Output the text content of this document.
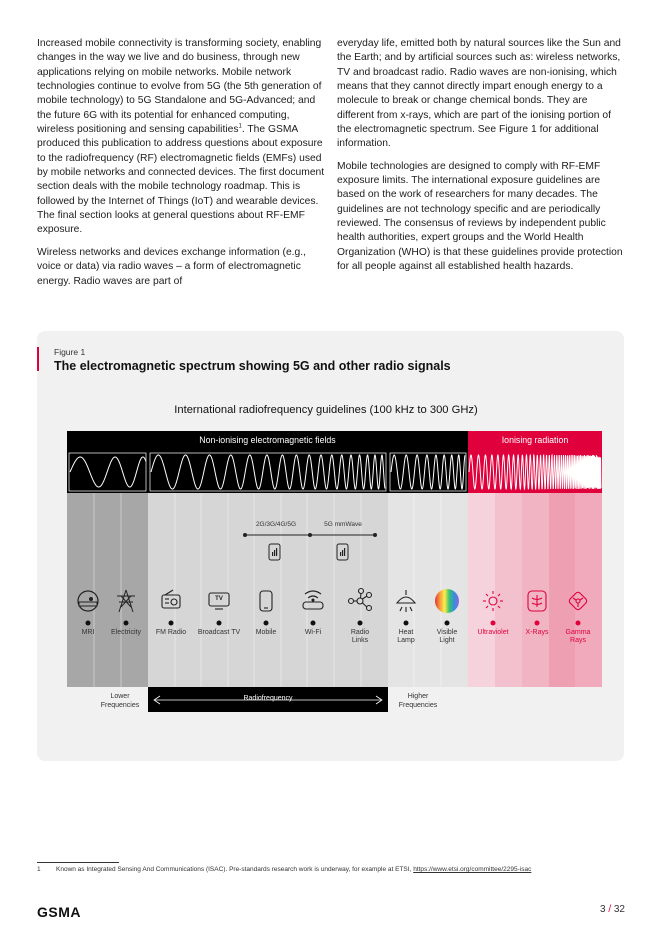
Increased mobile connectivity is transforming society, enabling changes in the way we live and do business, through new applications relying on mobile networks. Mobile network technologies continue to evolve from 5G (the 5th generation of mobile technology) to 5G Standalone and 5G-Advanced; and the future 6G with its potential for enhanced computing, wireless positioning and sensing capabilities$^1$. The GSMA produced this publication to address questions about exposure to the radiofrequency (RF) electromagnetic fields (EMFs) used by mobile networks and connected devices. The first document section deals with the mobile technology roadmap. This is followed by the Internet of Things (IoT) and wearable devices. The final section looks at general questions about RF-EMF exposure.

Wireless networks and devices exchange information (e.g., voice or data) via radio waves – a form of electromagnetic energy. Radio waves are part of

everyday life, emitted both by natural sources like the Sun and the Earth; and by artificial sources such as: wireless networks, TV and broadcast radio. Radio waves are non-ionising, which means that they cannot directly impart enough energy to a molecule to break or change chemical bonds. They are different from x-rays, which are part of the ionising portion of the electromagnetic spectrum. See Figure 1 for additional information.

Mobile technologies are designed to comply with RF-EMF exposure limits. The international exposure guidelines are based on the work of researchers for many decades. The guidelines are not technology specific and are periodically reviewed. The consensus of reviews by independent public health authorities, expert groups and the World Health Organization (WHO) is that these guidelines provide protection for all people against all established health hazards.

Figure 1
The electromagnetic spectrum showing 5G and other radio signals
International radiofrequency guidelines (100 kHz to 300 GHz)
TV
Non-ionising electromagnetic fields	Ionising radiation
2G/3G/4G/5G	5G mmWave
MRI	Electricity	FM Radio	Broadcast TV	Mobile	Wi-Fi	Radio Links
Heat Lamp
Visible Light
Ultraviolet	X-Rays	Gamma Rays
Lower Frequencies
Radiofrequency	Higher Frequencies
1 Known as Integrated Sensing And Communications (ISAC). Pre-standards research work is underway, for example at ETSI, https://www.etsi.org/committee/2295-isac
GSMA	3 / 32
